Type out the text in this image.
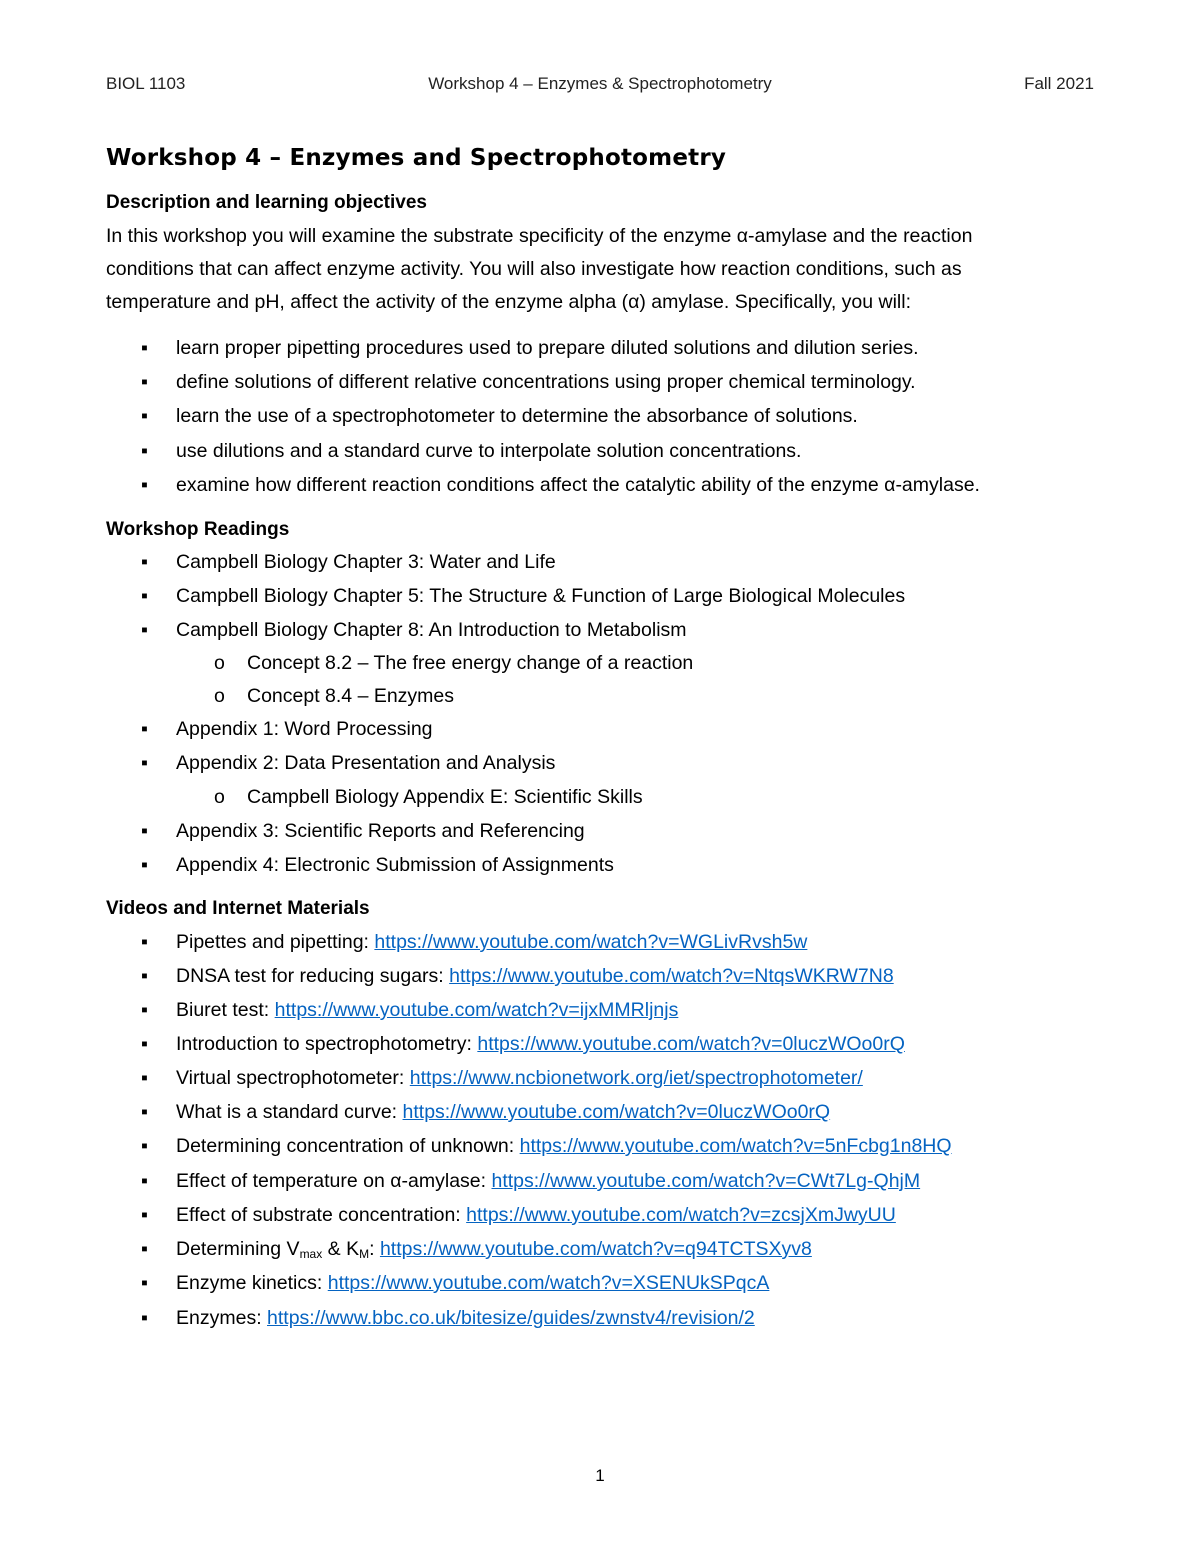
BIOL 1103	Workshop 4 – Enzymes & Spectrophotometry	Fall 2021
Workshop 4 – Enzymes and Spectrophotometry
Description and learning objectives
In this workshop you will examine the substrate specificity of the enzyme α-amylase and the reaction
conditions that can affect enzyme activity. You will also investigate how reaction conditions, such as
temperature and pH, affect the activity of the enzyme alpha (α) amylase. Specifically, you will:
▪	learn proper pipetting procedures used to prepare diluted solutions and dilution series.
▪	define solutions of different relative concentrations using proper chemical terminology.
▪	learn the use of a spectrophotometer to determine the absorbance of solutions.
▪	use dilutions and a standard curve to interpolate solution concentrations.
▪	examine how different reaction conditions affect the catalytic ability of the enzyme α-amylase.
Workshop Readings
▪	Campbell Biology Chapter 3: Water and Life
▪	Campbell Biology Chapter 5: The Structure & Function of Large Biological Molecules
▪	Campbell Biology Chapter 8: An Introduction to Metabolism
o Concept 8.2 – The free energy change of a reaction
o Concept 8.4 – Enzymes
▪	Appendix 1: Word Processing
▪	Appendix 2: Data Presentation and Analysis
o Campbell Biology Appendix E: Scientific Skills
▪	Appendix 3: Scientific Reports and Referencing
▪	Appendix 4: Electronic Submission of Assignments
Videos and Internet Materials
▪	Pipettes and pipetting: https://www.youtube.com/watch?v=WGLivRvsh5w
▪	DNSA test for reducing sugars: https://www.youtube.com/watch?v=NtqsWKRW7N8
▪	Biuret test: https://www.youtube.com/watch?v=ijxMMRljnjs
▪	Introduction to spectrophotometry: https://www.youtube.com/watch?v=0luczWOo0rQ
▪	Virtual spectrophotometer: https://www.ncbionetwork.org/iet/spectrophotometer/
▪	What is a standard curve: https://www.youtube.com/watch?v=0luczWOo0rQ
▪	Determining concentration of unknown: https://www.youtube.com/watch?v=5nFcbg1n8HQ
▪	Effect of temperature on α-amylase: https://www.youtube.com/watch?v=CWt7Lg-QhjM
▪	Effect of substrate concentration: https://www.youtube.com/watch?v=zcsjXmJwyUU
▪	Determining $V_{max}$ & $K_M$: https://www.youtube.com/watch?v=q94TCTSXyv8
▪	Enzyme kinetics: https://www.youtube.com/watch?v=XSENUkSPqcA
▪	Enzymes: https://www.bbc.co.uk/bitesize/guides/zwnstv4/revision/2
1
